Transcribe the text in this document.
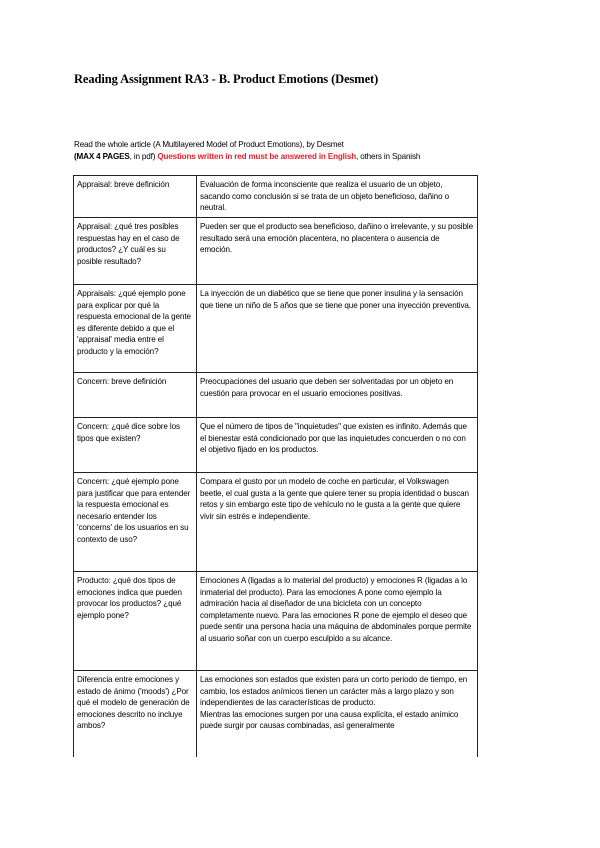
Reading Assignment RA3 - B. Product Emotions (Desmet)
Read the whole article (A Multilayered Model of Product Emotions), by Desmet
(MAX 4 PAGES, in pdf) Questions written in red must be answered in English, others in Spanish
Appraisal: breve definición	Evaluación de forma inconsciente que realiza el usuario de un objeto, sacando como conclusión si se trata de un objeto beneficioso, dañino o neutral.
Appraisal: ¿qué tres posibles respuestas hay en el caso de productos? ¿Y cuál es su posible resultado?	Pueden ser que el producto sea beneficioso, dañino o irrelevante, y su posible resultado será una emoción placentera, no placentera o ausencia de emoción.
Appraisals: ¿qué ejemplo pone para explicar por qué la respuesta emocional de la gente es diferente debido a que el 'appraisal' media entre el producto y la emoción?	La inyección de un diabético que se tiene que poner insulina y la sensación que tiene un niño de 5 años que se tiene que poner una inyección preventiva.
Concern: breve definición	Preocupaciones del usuario que deben ser solventadas por un objeto en cuestión para provocar en el usuario emociones positivas.
Concern: ¿qué dice sobre los tipos que existen?	Que el número de tipos de "inquietudes" que existen es infinito. Además que el bienestar está condicionado por que las inquietudes concuerden o no con el objetivo fijado en los productos.
Concern: ¿qué ejemplo pone para justificar que para entender la respuesta emocional es necesario entender los 'concerns' de los usuarios en su contexto de uso?	Compara el gusto por un modelo de coche en particular, el Volkswagen beetle, el cual gusta a la gente que quiere tener su propia identidad o buscan retos y sin embargo este tipo de vehículo no le gusta a la gente que quiere vivir sin estrés e independiente.
Producto: ¿qué dos tipos de emociones indica que pueden provocar los productos? ¿qué ejemplo pone?	Emociones A (ligadas a lo material del producto) y emociones R (ligadas a lo inmaterial del producto). Para las emociones A pone como ejemplo la admiración hacia al diseñador de una bicicleta con un concepto completamente nuevo. Para las emociones R pone de ejemplo el deseo que puede sentir una persona hacia una máquina de abdominales porque permite al usuario soñar con un cuerpo esculpido a su alcance.
Diferencia entre emociones y estado de ánimo ('moods') ¿Por qué el modelo de generación de emociones descrito no incluye ambos?	Las emociones son estados que existen para un corto periodo de tiempo, en cambio, los estados anímicos tienen un carácter más a largo plazo y son independientes de las características de producto.
Mientras las emociones surgen por una causa explícita, el estado anímico puede surgir por causas combinadas, así generalmente
